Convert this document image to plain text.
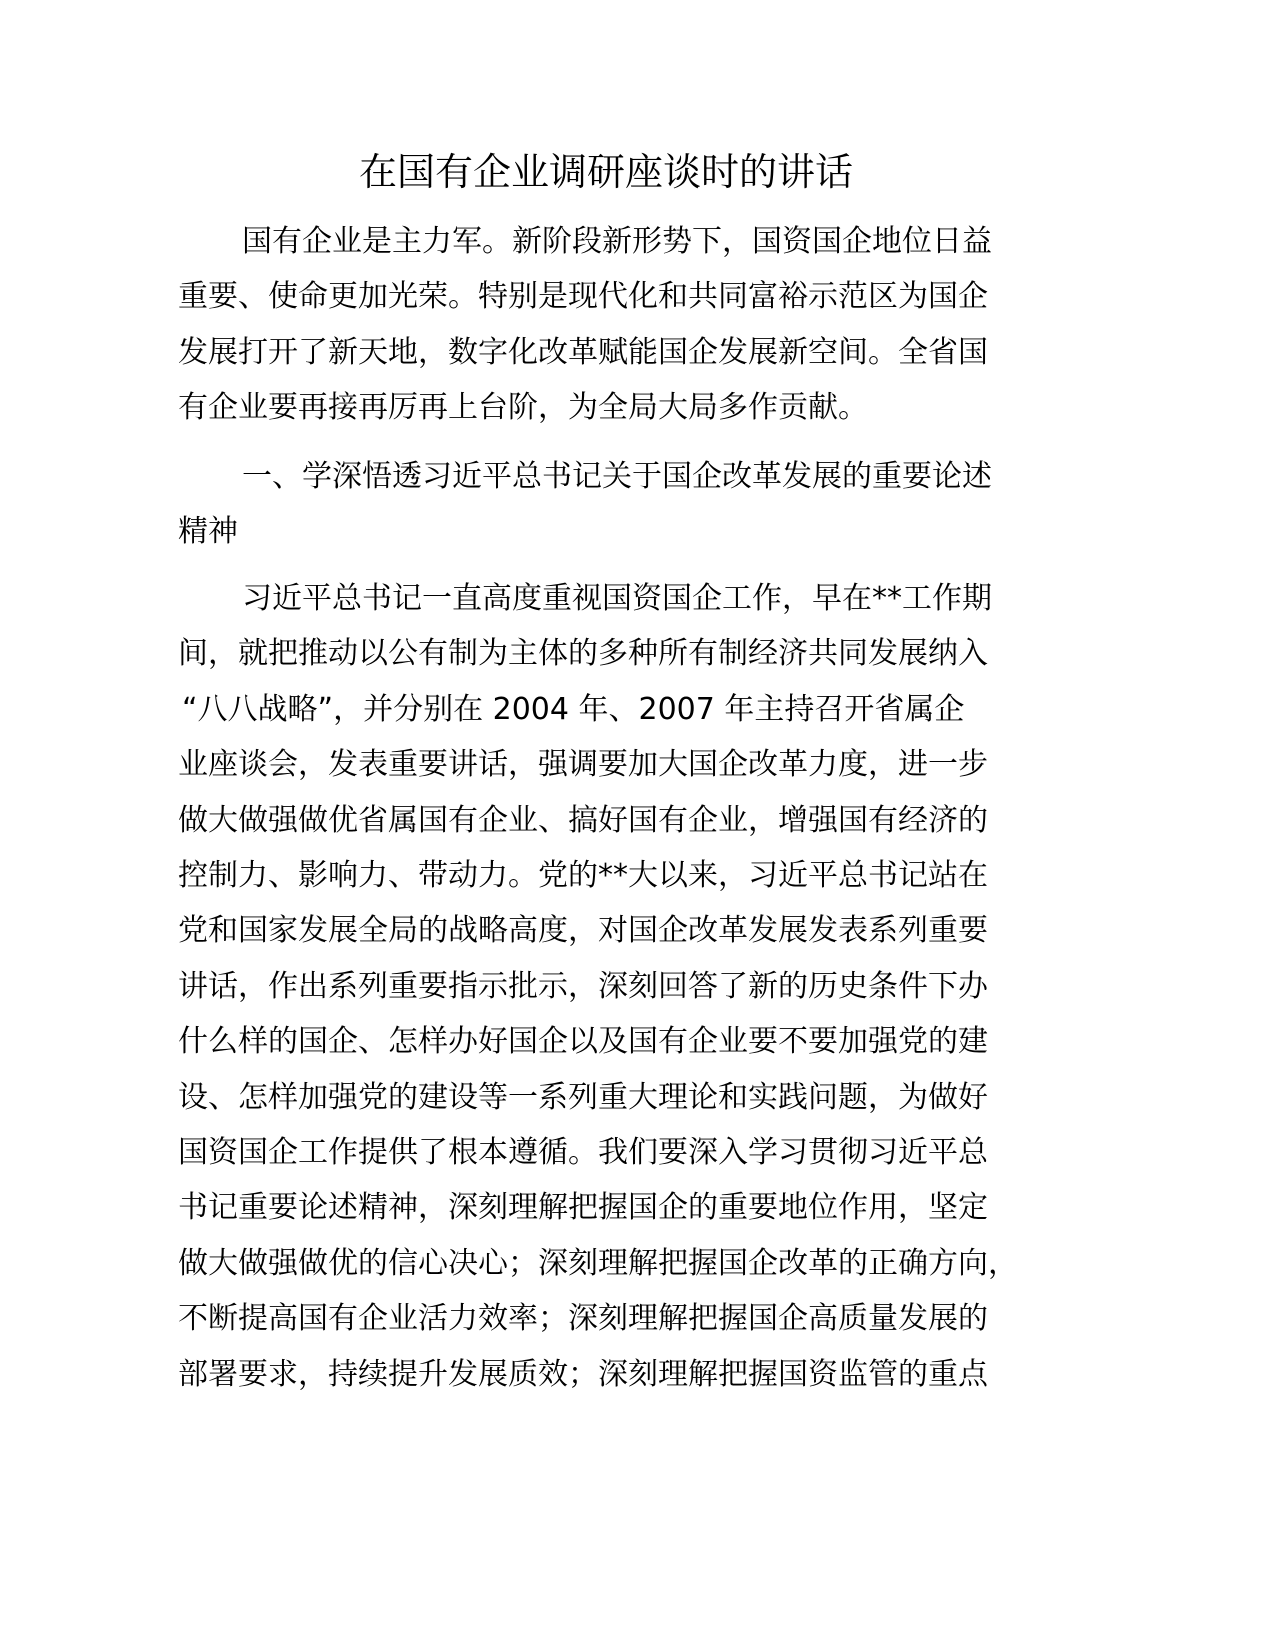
在国有企业调研座谈时的讲话
国有企业是主力军。新阶段新形势下，国资国企地位日益
重要、使命更加光荣。特别是现代化和共同富裕示范区为国企
发展打开了新天地，数字化改革赋能国企发展新空间。全省国
有企业要再接再厉再上台阶，为全局大局多作贡献。
一、学深悟透习近平总书记关于国企改革发展的重要论述
精神
习近平总书记一直高度重视国资国企工作，早在**工作期
间，就把推动以公有制为主体的多种所有制经济共同发展纳入
“八八战略”，并分别在 2004 年、2007 年主持召开省属企
业座谈会，发表重要讲话，强调要加大国企改革力度，进一步
做大做强做优省属国有企业、搞好国有企业，增强国有经济的
控制力、影响力、带动力。党的**大以来，习近平总书记站在
党和国家发展全局的战略高度，对国企改革发展发表系列重要
讲话，作出系列重要指示批示，深刻回答了新的历史条件下办
什么样的国企、怎样办好国企以及国有企业要不要加强党的建
设、怎样加强党的建设等一系列重大理论和实践问题，为做好
国资国企工作提供了根本遵循。我们要深入学习贯彻习近平总
书记重要论述精神，深刻理解把握国企的重要地位作用，坚定
做大做强做优的信心决心；深刻理解把握国企改革的正确方向，
不断提高国有企业活力效率；深刻理解把握国企高质量发展的
部署要求，持续提升发展质效；深刻理解把握国资监管的重点
